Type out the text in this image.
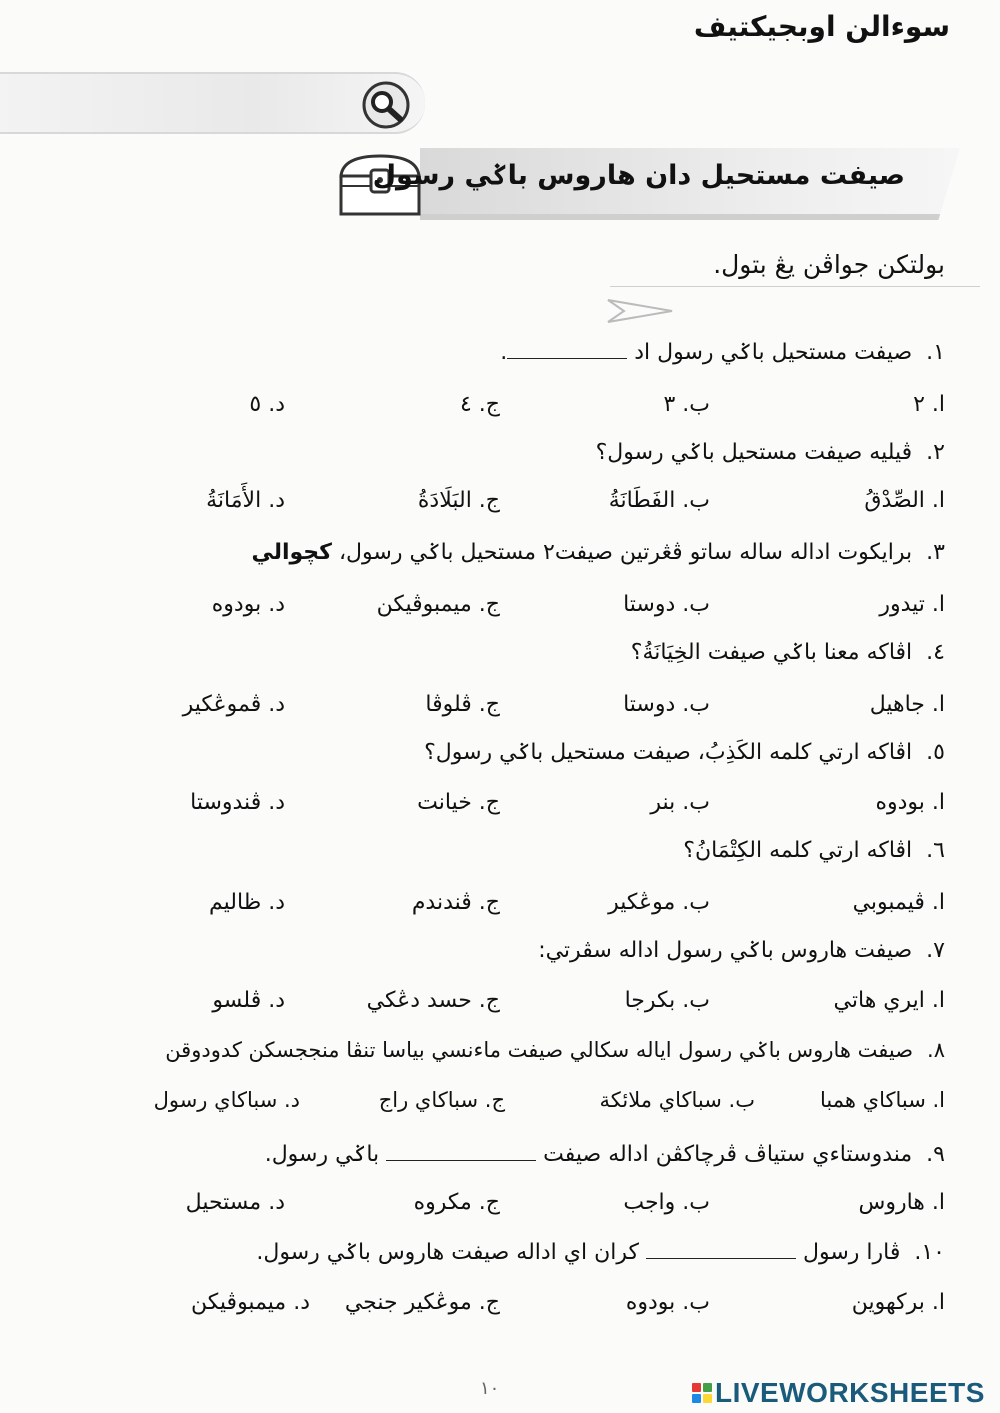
سوءالن اوبجيکتيف
صيفت مستحيل دان هاروس باݢي رسول
بولتکن جواڤن يڠ بتول.
١.صيفت مستحيل باݢي رسول اد .
ا. ٢
ب. ٣
ج. ٤
د. ٥
٢.ڤيليه صيفت مستحيل باݢي رسول؟
ا. الصِّدْقُ
ب. الفَطَانَةُ
ج. البَلَادَةُ
د. الأَمَانَةُ
٣.برايکوت اداله ساله ساتو ڤڠرتين صيفت٢ مستحيل باݢي رسول، کچوالي
ا. تيدور
ب. دوستا
ج. ميمبوڤيکن
د. بودوه
٤.اڤاکه معنا باݢي صيفت الخِيَانَةُ؟
ا. جاهيل
ب. دوستا
ج. ڤلوڤا
د. ڤموڠکير
٥.اڤاکه ارتي کلمه الكَذِبُ، صيفت مستحيل باݢي رسول؟
ا. بودوه
ب. بنر
ج. خيانت
د. ڤندوستا
٦.اڤاکه ارتي کلمه الكِتْمَانُ؟
ا. ڤيمبوبي
ب. موڠکير
ج. ڤندندم
د. ظاليم
٧.صيفت هاروس باݢي رسول اداله سڤرتي:
ا. ايري هاتي
ب. بکرجا
ج. حسد دڠکي
د. ڤلسو
٨.صيفت هاروس باݢي رسول اياله سکالي صيفت ماءنسي بياسا تنڤا منججسکن کدودوقن
ا. سباکاي همبا
ب. سباکاي ملائکة
ج. سباکاي راج
د. سباکاي رسول
٩.مندوستاءي ستياڤ ڤرچاکڤن اداله صيفت  باݢي رسول.
ا. هاروس
ب. واجب
ج. مکروه
د. مستحيل
١٠.ڤارا رسول  کران اي اداله صيفت هاروس باݢي رسول.
ا. برکهوين
ب. بودوه
ج. موڠکير جنجي
د. ميمبوڤيکن
١٠	LIVEWORKSHEETS
